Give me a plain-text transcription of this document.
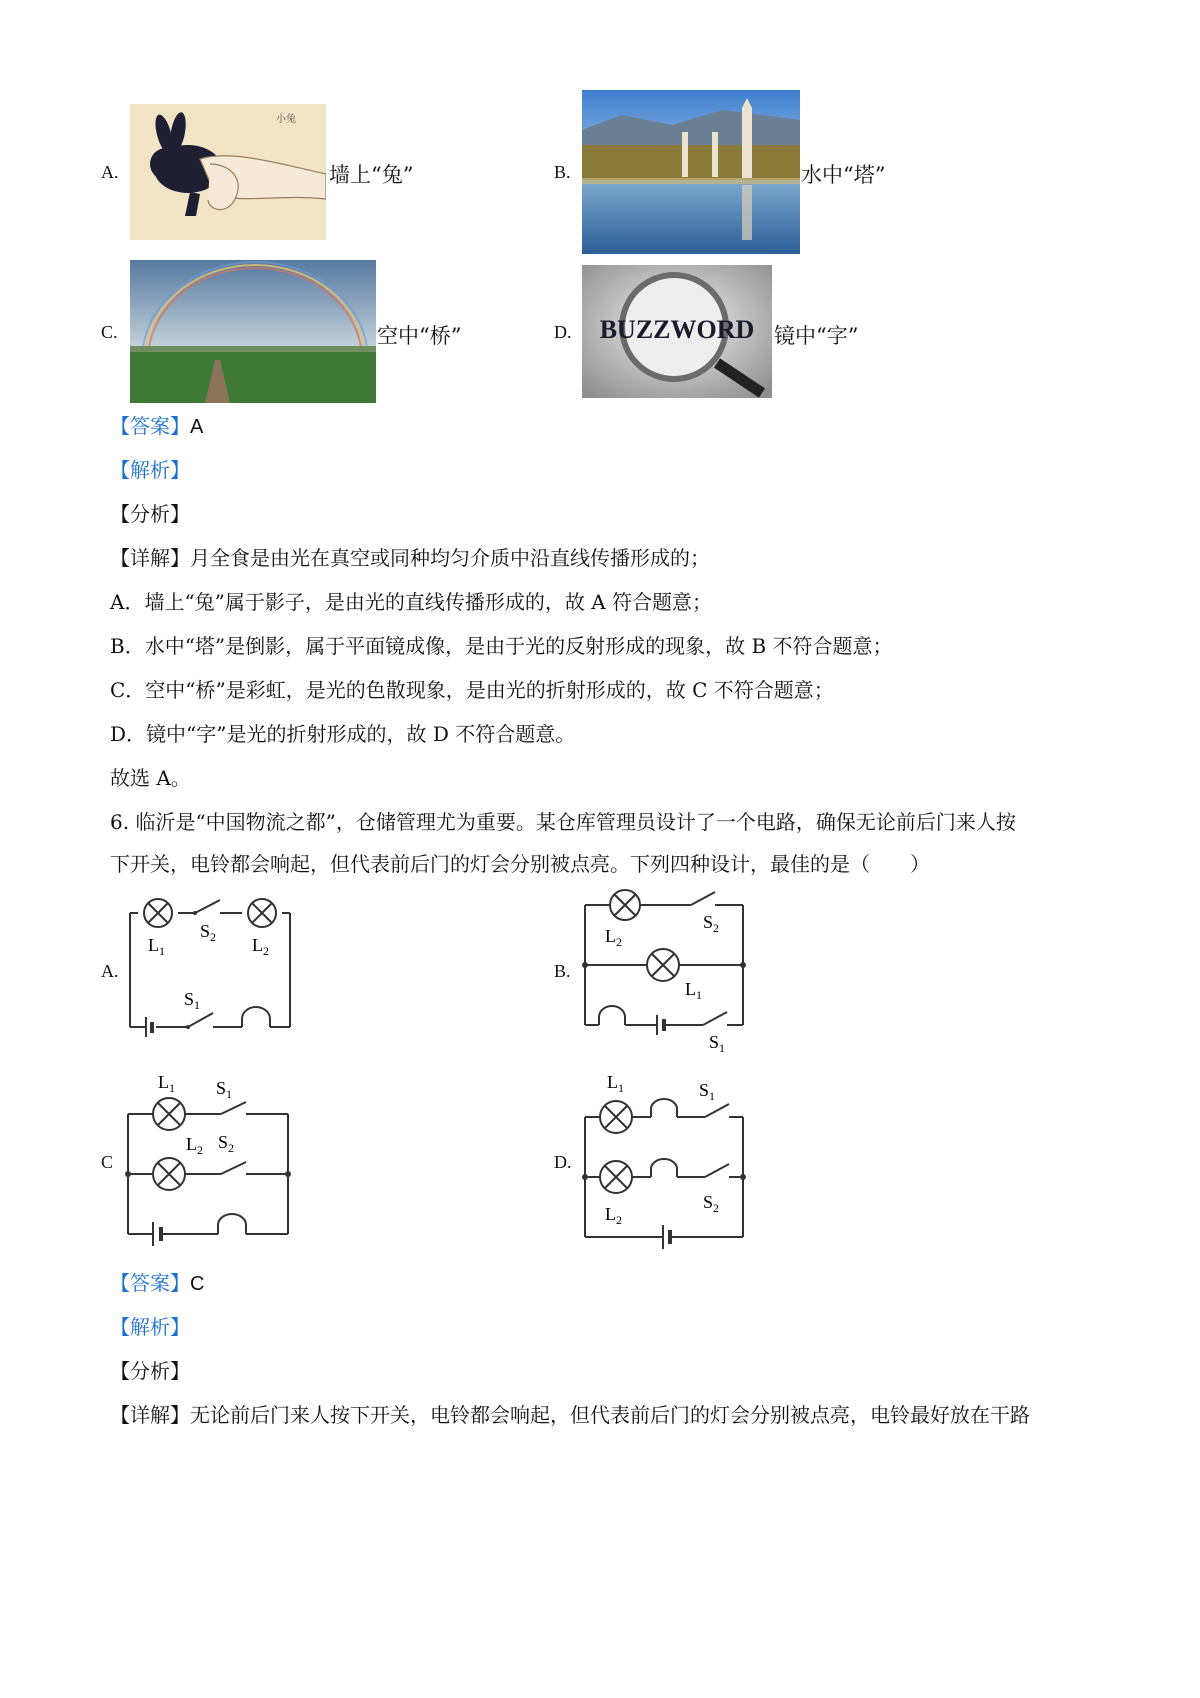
A.
小兔
墙上“兔”	B.	水中“塔”
C.	空中“桥”	D. BUZZWORD 镜中“字”
【答案】A
【解析】
【分析】
【详解】月全食是由光在真空或同种均匀介质中沿直线传播形成的；
A．墙上“兔”属于影子，是由光的直线传播形成的，故 A 符合题意；
B．水中“塔”是倒影，属于平面镜成像，是由于光的反射形成的现象，故 B 不符合题意；
C．空中“桥”是彩虹，是光的色散现象，是由光的折射形成的，故 C 不符合题意；
D．镜中“字”是光的折射形成的，故 D 不符合题意。
故选 A。
6. 临沂是“中国物流之都”，仓储管理尤为重要。某仓库管理员设计了一个电路，确保无论前后门来人按
下开关，电铃都会响起，但代表前后门的灯会分别被点亮。下列四种设计，最佳的是（　　）
A.
$L_1$
$S_2$ $L_2$
$S_1$
B.
$L_2$
$S_2$
$L_1$
$S_1$
C
$L_1$ $S_1$
$L_2$ $S_2$
D.
$L_1$	$S_1$
$S_2$
$L_2$
【答案】C
【解析】
【分析】
【详解】无论前后门来人按下开关，电铃都会响起，但代表前后门的灯会分别被点亮，电铃最好放在干路
